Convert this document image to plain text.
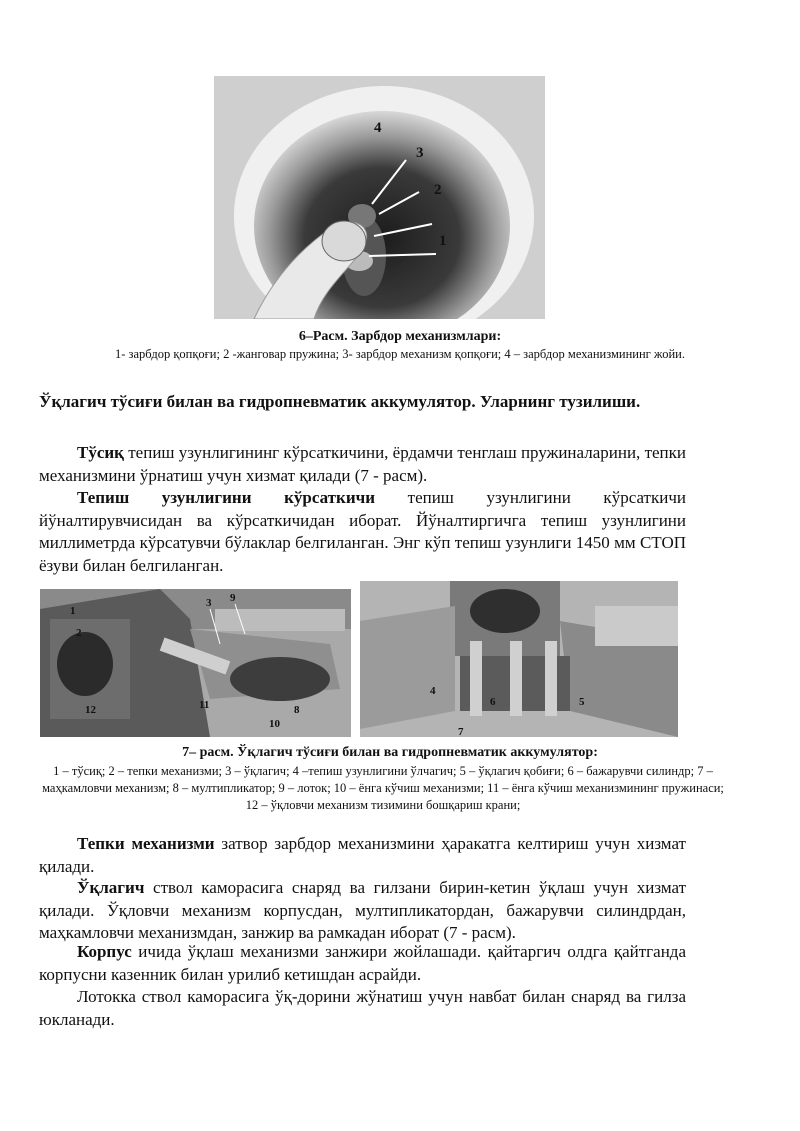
4
3
2
1
6–Расм. Зарбдор механизмлари:
1- зарбдор қопқоғи; 2 -жанговар пружина; 3- зарбдор механизм қопқоғи; 4 – зарбдор механизмининг жойи.
Ўқлагич тўсиғи билан ва гидропневматик аккумулятор. Уларнинг тузилиши.
Тўсиқ тепиш узунлигининг кўрсаткичини, ёрдамчи тенглаш пружиналарини, тепки механизмини ўрнатиш учун хизмат қилади (7 - расм).
Тепиш узунлигини кўрсаткичи тепиш узунлигини кўрсаткичи йўналтирувчисидан ва кўрсаткичидан иборат. Йўналтиргичга тепиш узунлигини миллиметрда кўрсатувчи бўлаклар белгиланган. Энг кўп тепиш узунлиги 1450 мм СТОП ёзуви билан белгиланган.
1
2
3 9
8
10
11
12
4
6	5
7
7– расм. Ўқлагич тўсиғи билан ва гидропневматик аккумулятор:
1 – тўсиқ; 2 – тепки механизми; 3 – ўқлагич; 4 –тепиш узунлигини ўлчагич; 5 – ўқлагич қобиғи; 6 – бажарувчи силиндр; 7 – маҳкамловчи механизм; 8 – мултипликатор; 9 – лоток; 10 – ёнга кўчиш механизми; 11 – ёнга кўчиш механизмининг пружинаси; 12 – ўқловчи механизм тизимини бошқариш крани;
Тепки механизми затвор зарбдор механизмини ҳаракатга келтириш учун хизмат қилади.
Ўқлагич ствол каморасига снаряд ва гилзани бирин-кетин ўқлаш учун хизмат қилади. Ўқловчи механизм корпусдан, мултипликатордан, бажарувчи силиндрдан, маҳкамловчи механизмдан, занжир ва рамкадан иборат (7 - расм).
Корпус ичида ўқлаш механизми занжири жойлашади. қайтаргич олдга қайтганда корпусни казенник билан урилиб кетишдан асрайди.
Лотокка ствол каморасига ўқ-дорини жўнатиш учун навбат билан снаряд ва гилза юкланади.
